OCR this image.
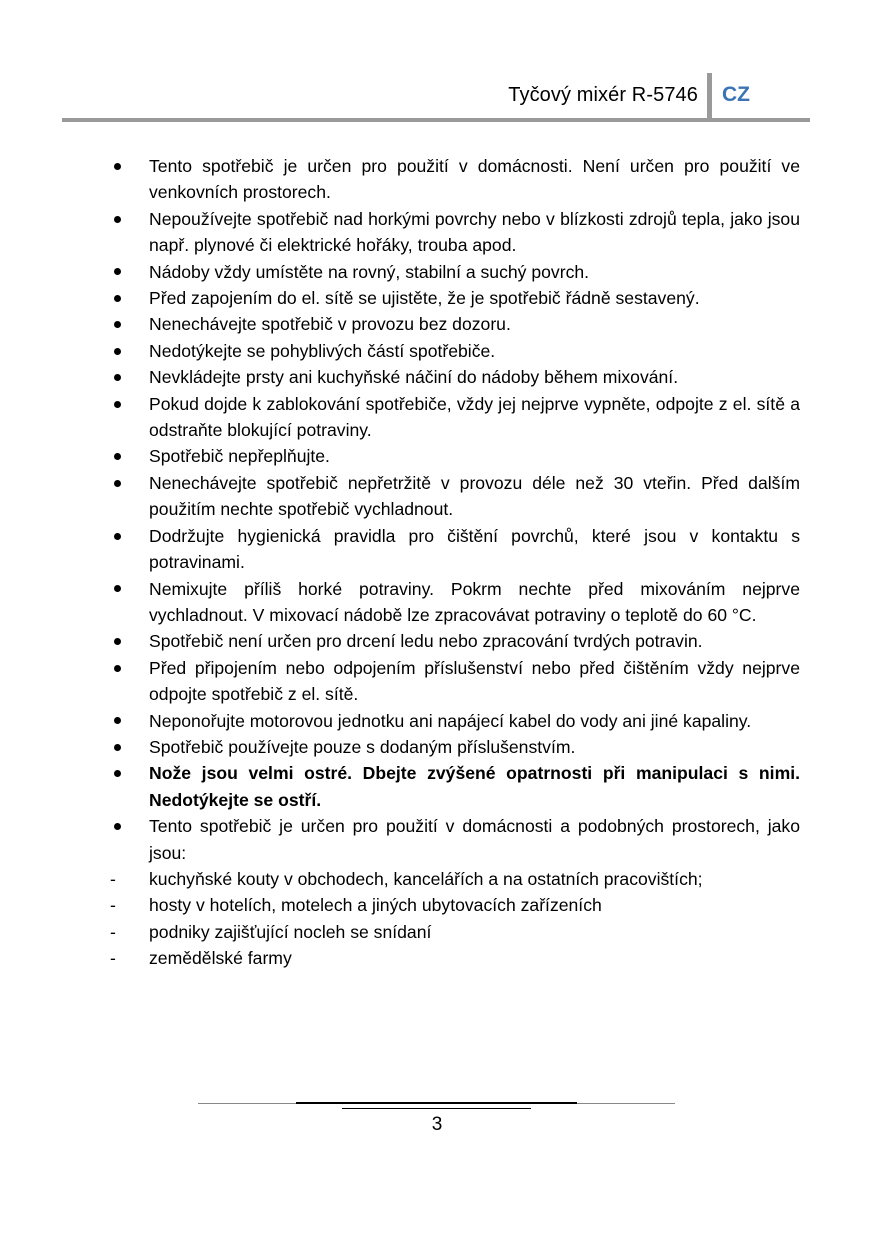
Tyčový mixér R-5746 CZ
Tento spotřebič je určen pro použití v domácnosti. Není určen pro použití ve venkovních prostorech.
Nepoužívejte spotřebič nad horkými povrchy nebo v blízkosti zdrojů tepla, jako jsou např. plynové či elektrické hořáky, trouba apod.
Nádoby vždy umístěte na rovný, stabilní a suchý povrch.
Před zapojením do el. sítě se ujistěte, že je spotřebič řádně sestavený.
Nenechávejte spotřebič v provozu bez dozoru.
Nedotýkejte se pohyblivých částí spotřebiče.
Nevkládejte prsty ani kuchyňské náčiní do nádoby během mixování.
Pokud dojde k zablokování spotřebiče, vždy jej nejprve vypněte, odpojte z el. sítě a odstraňte blokující potraviny.
Spotřebič nepřeplňujte.
Nenechávejte spotřebič nepřetržitě v provozu déle než 30 vteřin. Před dalším použitím nechte spotřebič vychladnout.
Dodržujte hygienická pravidla pro čištění povrchů, které jsou v kontaktu s potravinami.
Nemixujte příliš horké potraviny. Pokrm nechte před mixováním nejprve vychladnout. V mixovací nádobě lze zpracovávat potraviny o teplotě do 60 °C.
Spotřebič není určen pro drcení ledu nebo zpracování tvrdých potravin.
Před připojením nebo odpojením příslušenství nebo před čištěním vždy nejprve odpojte spotřebič z el. sítě.
Neponořujte motorovou jednotku ani napájecí kabel do vody ani jiné kapaliny.
Spotřebič používejte pouze s dodaným příslušenstvím.
Nože jsou velmi ostré. Dbejte zvýšené opatrnosti při manipulaci s nimi. Nedotýkejte se ostří.
Tento spotřebič je určen pro použití v domácnosti a podobných prostorech, jako jsou:
-	kuchyňské kouty v obchodech, kancelářích a na ostatních pracovištích;
-	hosty v hotelích, motelech a jiných ubytovacích zařízeních
-	podniky zajišťující nocleh se snídaní
-	zemědělské farmy
3
